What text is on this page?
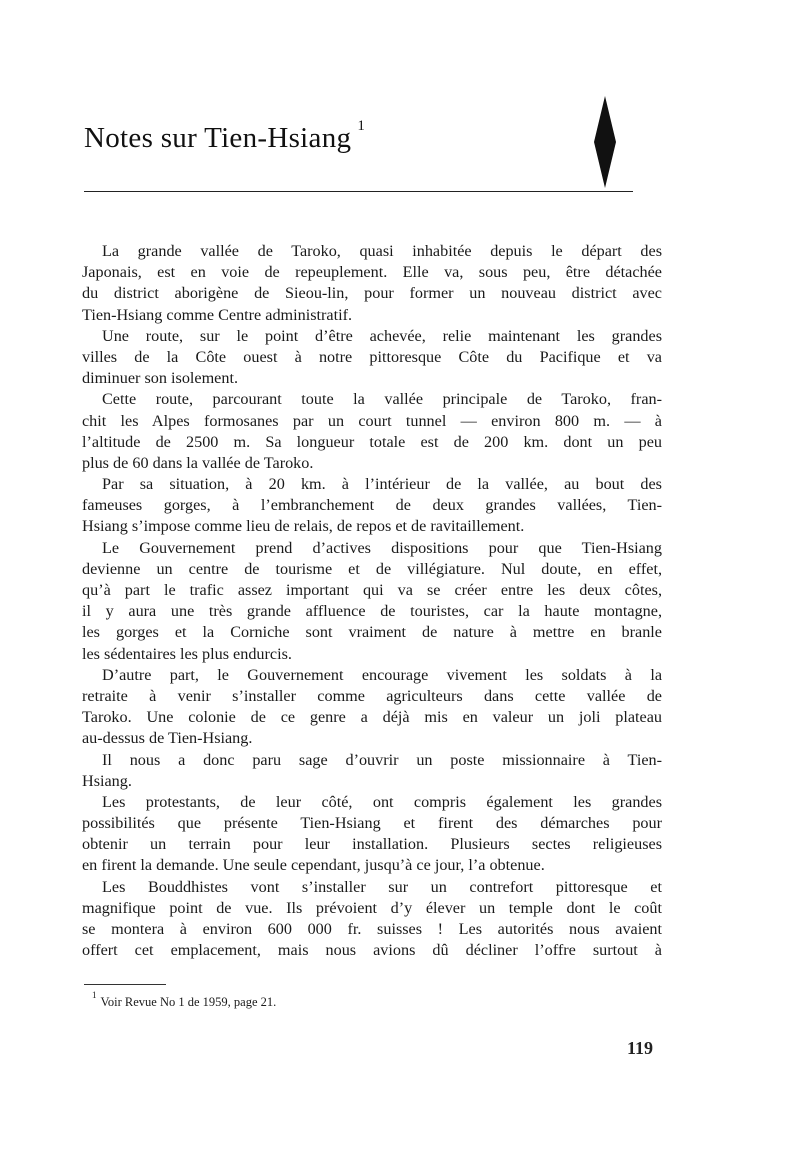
Notes sur Tien-Hsiang $^1$
La grande vallée de Taroko, quasi inhabitée depuis le départ des
Japonais, est en voie de repeuplement. Elle va, sous peu, être détachée
du district aborigène de Sieou-lin, pour former un nouveau district avec
Tien-Hsiang comme Centre administratif.
Une route, sur le point d’être achevée, relie maintenant les grandes
villes de la Côte ouest à notre pittoresque Côte du Pacifique et va
diminuer son isolement.
Cette route, parcourant toute la vallée principale de Taroko, fran-
chit les Alpes formosanes par un court tunnel — environ 800 m. — à
l’altitude de 2500 m. Sa longueur totale est de 200 km. dont un peu
plus de 60 dans la vallée de Taroko.
Par sa situation, à 20 km. à l’intérieur de la vallée, au bout des
fameuses gorges, à l’embranchement de deux grandes vallées, Tien-
Hsiang s’impose comme lieu de relais, de repos et de ravitaillement.
Le Gouvernement prend d’actives dispositions pour que Tien-Hsiang
devienne un centre de tourisme et de villégiature. Nul doute, en effet,
qu’à part le trafic assez important qui va se créer entre les deux côtes,
il y aura une très grande affluence de touristes, car la haute montagne,
les gorges et la Corniche sont vraiment de nature à mettre en branle
les sédentaires les plus endurcis.
D’autre part, le Gouvernement encourage vivement les soldats à la
retraite à venir s’installer comme agriculteurs dans cette vallée de
Taroko. Une colonie de ce genre a déjà mis en valeur un joli plateau
au-dessus de Tien-Hsiang.
Il nous a donc paru sage d’ouvrir un poste missionnaire à Tien-
Hsiang.
Les protestants, de leur côté, ont compris également les grandes
possibilités que présente Tien-Hsiang et firent des démarches pour
obtenir un terrain pour leur installation. Plusieurs sectes religieuses
en firent la demande. Une seule cependant, jusqu’à ce jour, l’a obtenue.
Les Bouddhistes vont s’installer sur un contrefort pittoresque et
magnifique point de vue. Ils prévoient d’y élever un temple dont le coût
se montera à environ 600 000 fr. suisses ! Les autorités nous avaient
offert cet emplacement, mais nous avions dû décliner l’offre surtout à
$^1$Voir Revue No 1 de 1959, page 21.
119
